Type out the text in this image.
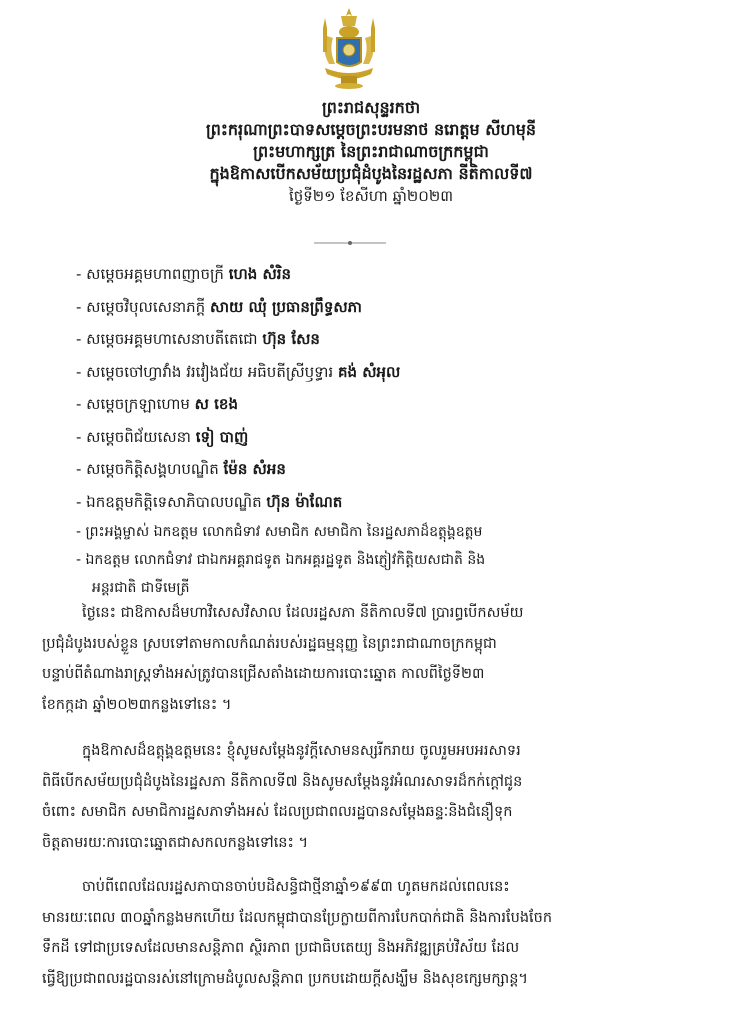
ព្រះរាជសុន្ទរកថា
ព្រះករុណាព្រះបាទសម្តេចព្រះបរមនាថ នរោត្តម សីហមុនី
ព្រះមហាក្សត្រ នៃព្រះរាជាណាចក្រកម្ពុជា
ក្នុងឱកាសបើកសម័យប្រជុំដំបូងនៃរដ្ឋសភា នីតិកាលទី៧
ថ្ងៃទី២១ ខែសីហា ឆ្នាំ២០២៣
- សម្តេចអគ្គមហាពញាចក្រី ហេង សំរិន
- សម្តេចវិបុលសេនាភក្តី សាយ ឈុំ ប្រធានព្រឹទ្ធសភា
- សម្តេចអគ្គមហាសេនាបតីតេជោ ហ៊ុន សែន
- សម្តេចចៅហ្វាវាំង វរវៀងជ័យ អធិបតីស្រីឫទ្ធារ គង់ សំអុល
- សម្តេចក្រឡាហោម ស ខេង
- សម្តេចពិជ័យសេនា ទៀ បាញ់
- សម្តេចកិត្តិសង្គហបណ្ឌិត ម៉ែន សំអន
- ឯកឧត្តមកិត្តិទេសាភិបាលបណ្ឌិត ហ៊ុន ម៉ាណែត
- ព្រះអង្គម្ចាស់ ឯកឧត្តម លោកជំទាវ សមាជិក សមាជិកា នៃរដ្ឋសភាដ៏ឧត្តុង្គឧត្តម
- ឯកឧត្តម លោកជំទាវ ជាឯកអគ្គរាជទូត ឯកអគ្គរដ្ឋទូត និងភ្ញៀវកិត្តិយសជាតិ និង
អន្តរជាតិ ជាទីមេត្រី

ថ្ងៃនេះ ជាឱកាសដ៏មហាវិសេសវិសាល ដែលរដ្ឋសភា នីតិកាលទី៧ ប្រារព្ធបើកសម័យ
ប្រជុំដំបូងរបស់ខ្លួន ស្របទៅតាមកាលកំណត់របស់រដ្ឋធម្មនុញ្ញ នៃព្រះរាជាណាចក្រកម្ពុជា
បន្ទាប់ពីតំណាងរាស្ត្រទាំងអស់ត្រូវបានជ្រើសតាំងដោយការបោះឆ្នោត កាលពីថ្ងៃទី២៣
ខែកក្កដា ឆ្នាំ២០២៣កន្លងទៅនេះ ។

ក្នុងឱកាសដ៏ឧត្តុង្គឧត្តមនេះ ខ្ញុំសូមសម្តែងនូវក្តីសោមនស្សរីករាយ ចូលរួមអបអរសាទរ
ពិធីបើកសម័យប្រជុំដំបូងនៃរដ្ឋសភា នីតិកាលទី៧ និងសូមសម្តែងនូវអំណរសាទរដ៏កក់ក្តៅជូន
ចំពោះ សមាជិក សមាជិការដ្ឋសភាទាំងអស់ ដែលប្រជាពលរដ្ឋបានសម្តែងឆន្ទៈនិងជំនឿទុក
ចិត្តតាមរយៈការបោះឆ្នោតជាសកលកន្លងទៅនេះ ។

ចាប់ពីពេលដែលរដ្ឋសភាបានចាប់បដិសន្ធិជាថ្មីនាឆ្នាំ១៩៩៣ ហូតមកដល់ពេលនេះ
មានរយៈពេល ៣០ឆ្នាំកន្លងមកហើយ ដែលកម្ពុជាបានប្រែក្លាយពីការបែកបាក់ជាតិ និងការបែងចែក
ទឹកដី ទៅជាប្រទេសដែលមានសន្តិភាព ស្ថិរភាព ប្រជាធិបតេយ្យ និងអភិវឌ្ឍគ្រប់វិស័យ ដែល
ធ្វើឱ្យប្រជាពលរដ្ឋបានរស់នៅក្រោមដំបូលសន្តិភាព ប្រកបដោយក្តីសង្ឃឹម និងសុខក្សេមក្សាន្ត។
